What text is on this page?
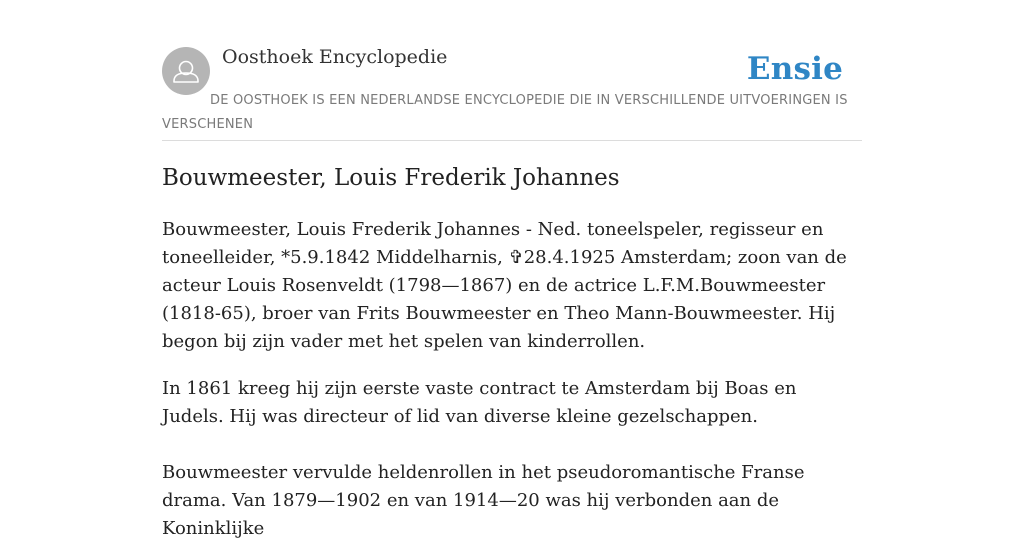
Oosthoek Encyclopedie	Ensie
DE OOSTHOEK IS EEN NEDERLANDSE ENCYCLOPEDIE DIE IN VERSCHILLENDE UITVOERINGEN IS VERSCHENEN
Bouwmeester, Louis Frederik Johannes

Bouwmeester, Louis Frederik Johannes - Ned. toneelspeler, regisseur en toneelleider, *5.9.1842 Middelharnis, ✞28.4.1925 Amsterdam; zoon van de acteur Louis Rosenveldt (1798—1867) en de actrice L.F.M.Bouwmeester (1818-65), broer van Frits Bouwmeester en Theo Mann-Bouwmeester. Hij begon bij zijn vader met het spelen van kinderrollen.

In 1861 kreeg hij zijn eerste vaste contract te Amsterdam bij Boas en Judels. Hij was directeur of lid van diverse kleine gezelschappen.

Bouwmeester vervulde heldenrollen in het pseudoromantische Franse drama. Van 1879—1902 en van 1914—20 was hij verbonden aan de Koninklijke
